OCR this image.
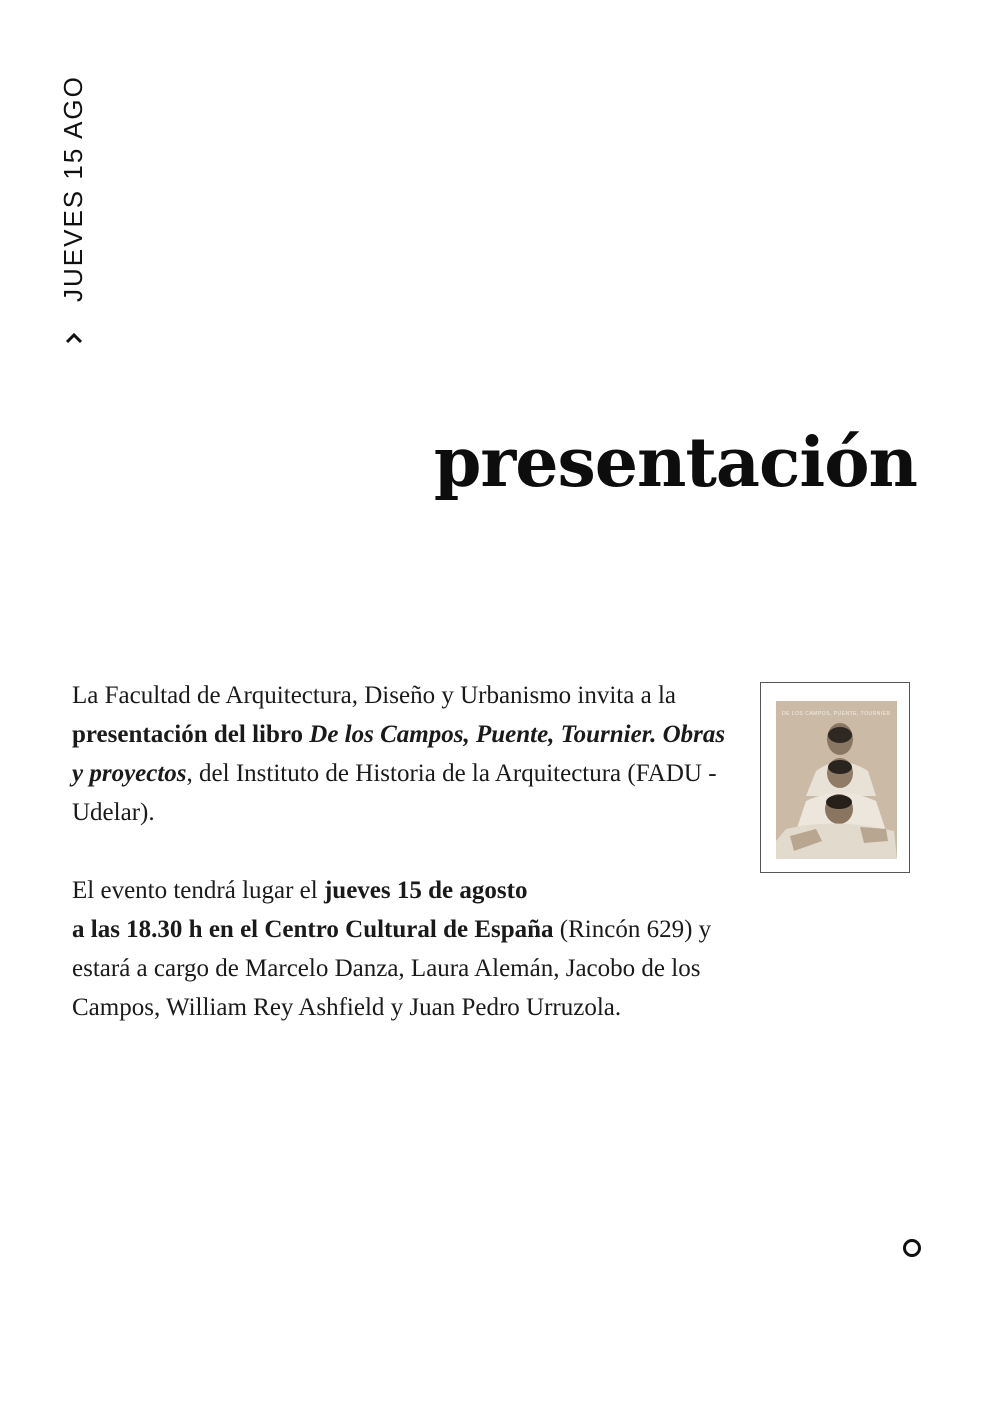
JUEVES 15 AGO
presentación

La Facultad de Arquitectura, Diseño y Urbanismo invita a la presentación del libro De los Campos, Puente, Tournier. Obras y proyectos, del Instituto de Historia de la Arquitectura (FADU - Udelar).

El evento tendrá lugar el jueves 15 de agosto
a las 18.30 h en el Centro Cultural de España (Rincón 629) y estará a cargo de Marcelo Danza, Laura Alemán, Jacobo de los Campos, William Rey Ashfield y Juan Pedro Urruzola.

DE LOS CAMPOS, PUENTE, TOURNIER
